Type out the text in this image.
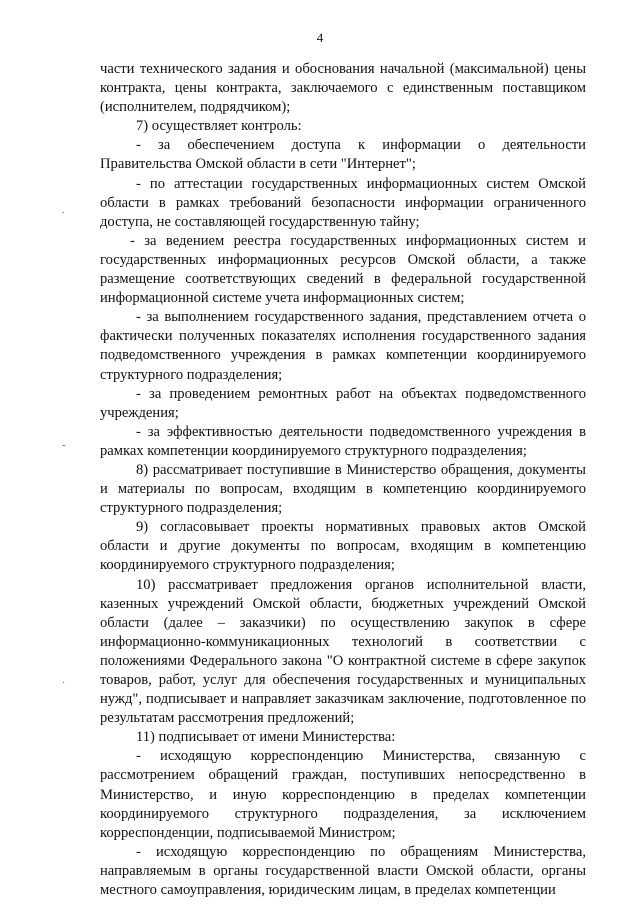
4
.
-
·

части технического задания и обоснования начальной (максимальной) цены контракта, цены контракта, заключаемого с единственным поставщиком (исполнителем, подрядчиком);

7) осуществляет контроль:

- за обеспечением доступа к информации о деятельности Правительства Омской области в сети "Интернет";

- по аттестации государственных информационных систем Омской области в рамках требований безопасности информации ограниченного доступа, не составляющей государственную тайну;

- за ведением реестра государственных информационных систем и государственных информационных ресурсов Омской области, а также размещение соответствующих сведений в федеральной государственной информационной системе учета информационных систем;

- за выполнением государственного задания, представлением отчета о фактически полученных показателях исполнения государственного задания подведомственного учреждения в рамках компетенции координируемого структурного подразделения;

- за проведением ремонтных работ на объектах подведомственного учреждения;

- за эффективностью деятельности подведомственного учреждения в рамках компетенции координируемого структурного подразделения;

8) рассматривает поступившие в Министерство обращения, документы и материалы по вопросам, входящим в компетенцию координируемого структурного подразделения;

9) согласовывает проекты нормативных правовых актов Омской области и другие документы по вопросам, входящим в компетенцию координируемого структурного подразделения;

10) рассматривает предложения органов исполнительной власти, казенных учреждений Омской области, бюджетных учреждений Омской области (далее – заказчики) по осуществлению закупок в сфере информационно-коммуникационных технологий в соответствии с положениями Федерального закона "О контрактной системе в сфере закупок товаров, работ, услуг для обеспечения государственных и муниципальных нужд", подписывает и направляет заказчикам заключение, подготовленное по результатам рассмотрения предложений;

11) подписывает от имени Министерства:

- исходящую корреспонденцию Министерства, связанную с рассмотрением обращений граждан, поступивших непосредственно в Министерство, и иную корреспонденцию в пределах компетенции координируемого структурного подразделения, за исключением корреспонденции, подписываемой Министром;

- исходящую корреспонденцию по обращениям Министерства, направляемым в органы государственной власти Омской области, органы местного самоуправления, юридическим лицам, в пределах компетенции
